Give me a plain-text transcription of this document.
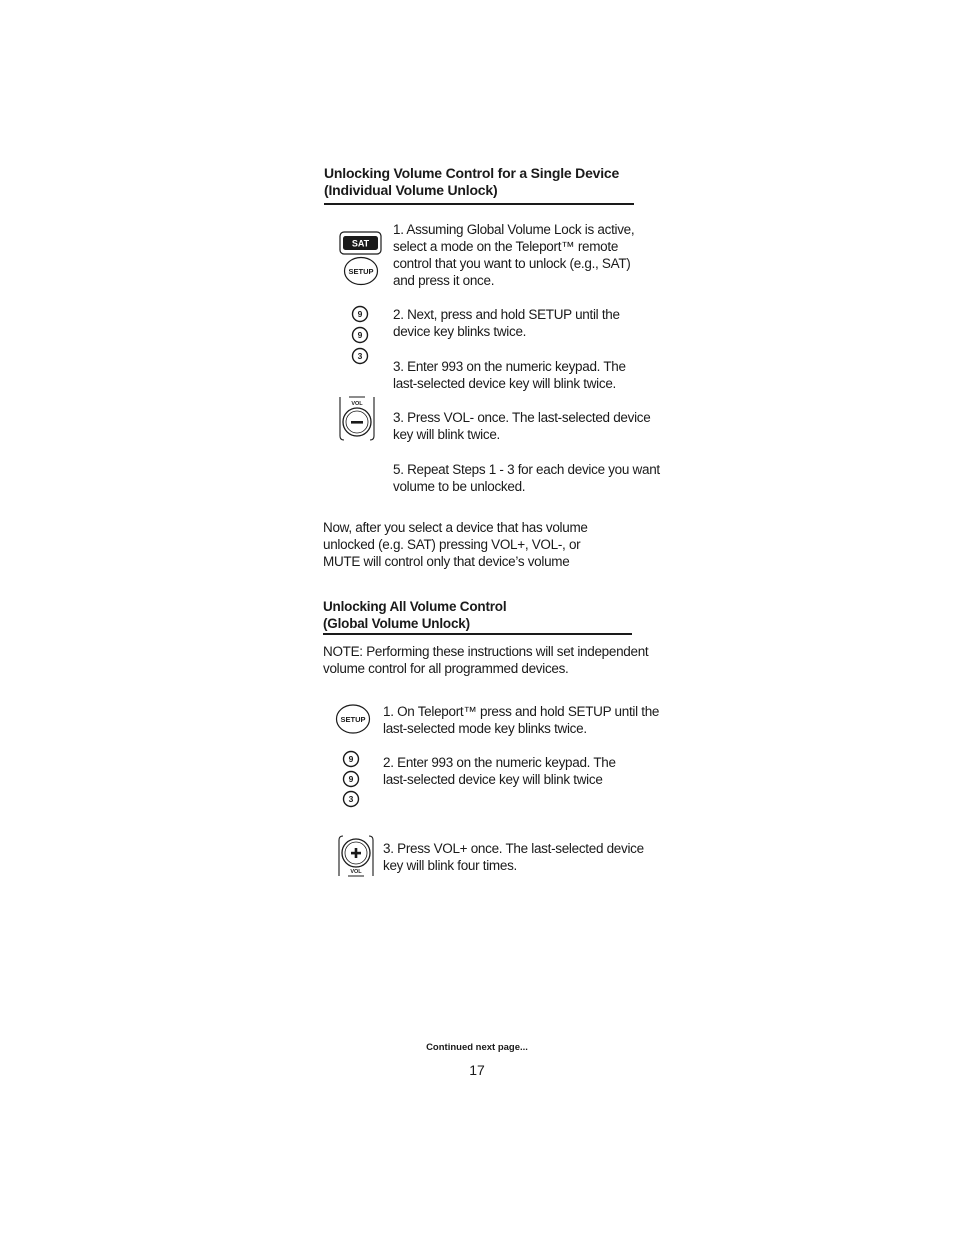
Unlocking Volume Control for a Single Device
(Individual Volume Unlock)
SAT
SETUP
9
9
3
VOL
1. Assuming Global Volume Lock is active,
select a mode on the Teleport™ remote
control that you want to unlock (e.g., SAT)
and press it once.
2. Next, press and hold SETUP until the
device key blinks twice.
3. Enter 993 on the numeric keypad. The
last-selected device key will blink twice.
3. Press VOL- once. The last-selected device
key will blink twice.
5. Repeat Steps 1 - 3 for each device you want
volume to be unlocked.
Now, after you select a device that has volume
unlocked (e.g. SAT) pressing VOL+, VOL-, or
MUTE will control only that device’s volume
Unlocking All Volume Control
(Global Volume Unlock)
NOTE: Performing these instructions will set independent
volume control for all programmed devices.
SETUP
9
9
3
VOL
1. On Teleport™ press and hold SETUP until the
last-selected mode key blinks twice.
2. Enter 993 on the numeric keypad. The
last-selected device key will blink twice
3. Press VOL+ once. The last-selected device
key will blink four times.
Continued next page...
17
